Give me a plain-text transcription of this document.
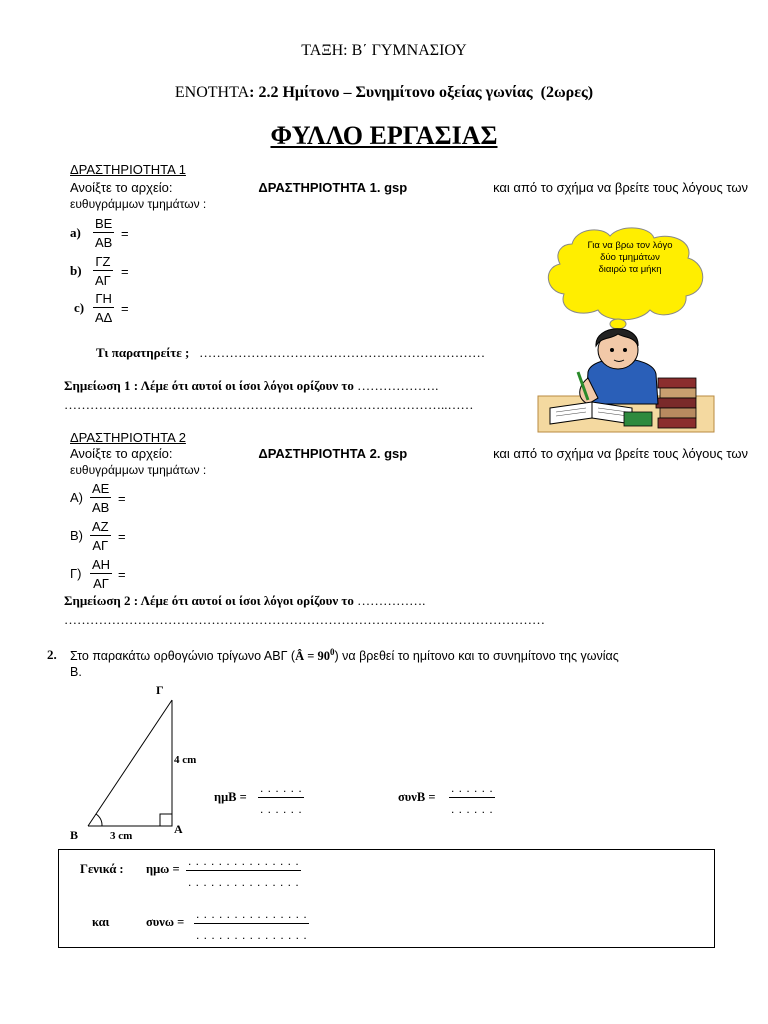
ΤΑΞΗ: Β΄ ΓΥΜΝΑΣΙΟΥ
ΕΝΟΤΗΤΑ: 2.2 Ημίτονο – Συνημίτονο οξείας γωνίας (2ωρες)
ΦΥΛΛΟ ΕΡΓΑΣΙΑΣ
ΔΡΑΣΤΗΡΙΟΤΗΤΑ 1
Ανοίξτε το αρχείο:	ΔΡΑΣΤΗΡΙΟΤΗΤΑ 1. gsp	και από το σχήμα να βρείτε τους λόγους των
ευθυγράμμων τμημάτων :
a)
ΒΕ
ΑΒ
=
b)
ΓΖ
ΑΓ
=
c)
ΓΗ
ΑΔ
=
Τι παρατηρείτε ; …………………………………………………………
Σημείωση 1 : Λέμε ότι αυτοί οι ίσοι λόγοι ορίζουν το ……………….
……………………………………………………………………………..……
Για να βρω τον λόγο δύο τμημάτων διαιρώ τα μήκη
ΔΡΑΣΤΗΡΙΟΤΗΤΑ 2
Ανοίξτε το αρχείο:	ΔΡΑΣΤΗΡΙΟΤΗΤΑ 2. gsp	και από το σχήμα να βρείτε τους λόγους των
ευθυγράμμων τμημάτων :
Α)
ΑΕ
ΑΒ
=
Β)
ΑΖ
ΑΓ
=
Γ)
ΑΗ
ΑΓ
=
Σημείωση 2 : Λέμε ότι αυτοί οι ίσοι λόγοι ορίζουν το …………….
…………………………………………………………………………………………………
2. Στο παρακάτω ορθογώνιο τρίγωνο ΑΒΓ (Â = $90^0$) να βρεθεί το ημίτονο και το συνημίτονο της γωνίας
Β.
Γ
Β	Α
4 cm
3 cm
ημΒ =
. . . . . .
. . . . . .
συνΒ =
. . . . . .
. . . . . .
Γενικά : ημω =
. . . . . . . . . . . . . . .
. . . . . . . . . . . . . . .
και	συνω =
. . . . . . . . . . . . . . .
. . . . . . . . . . . . . . .
